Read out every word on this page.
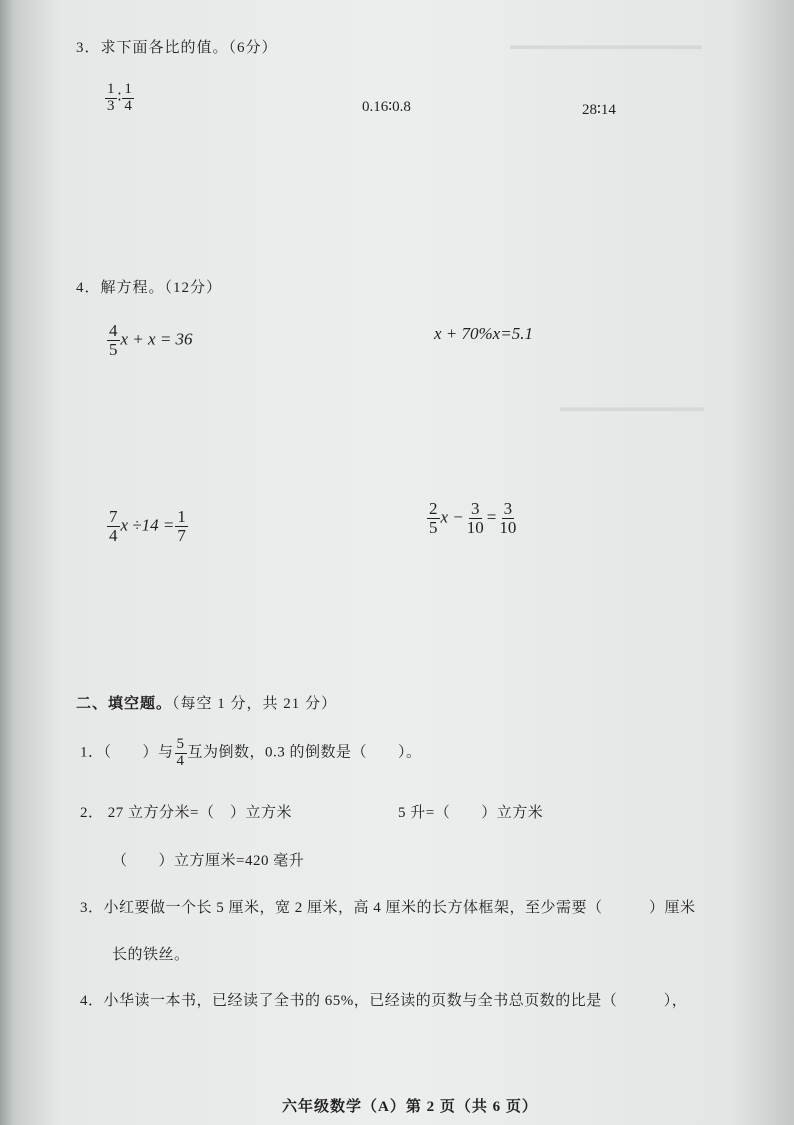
▬▬▬▬▬▬▬▬▬▬▬▬▬▬▬▬
▬▬▬▬▬▬▬▬▬▬▬▬
3．求下面各比的值。（6分）
$\frac{1}{3}$ ∶ $\frac{1}{4}$	0.16∶0.8	28∶14
4．解方程。（12分）
$\frac{4}{5}$ x + x = 36	x + 70%x=5.1
$\frac{7}{4}$ $x \div 14 = \frac{1}{7}$	$\frac{2}{5}$ $x - \frac{3}{10} = \frac{3}{10}$
二、填空题。（每空 1 分，共 21 分）
1．（　　）与 $\frac{5}{4}$ 互为倒数，0.3 的倒数是（　　）。
2． 27 立方分米=（　）立方米	5 升=（　　）立方米
（　　）立方厘米=420 毫升
3．小红要做一个长 5 厘米，宽 2 厘米，高 4 厘米的长方体框架，至少需要（　　　）厘米
长的铁丝。
4．小华读一本书，已经读了全书的 65%，已经读的页数与全书总页数的比是（　　　），
六年级数学（A）第 2 页（共 6 页）
